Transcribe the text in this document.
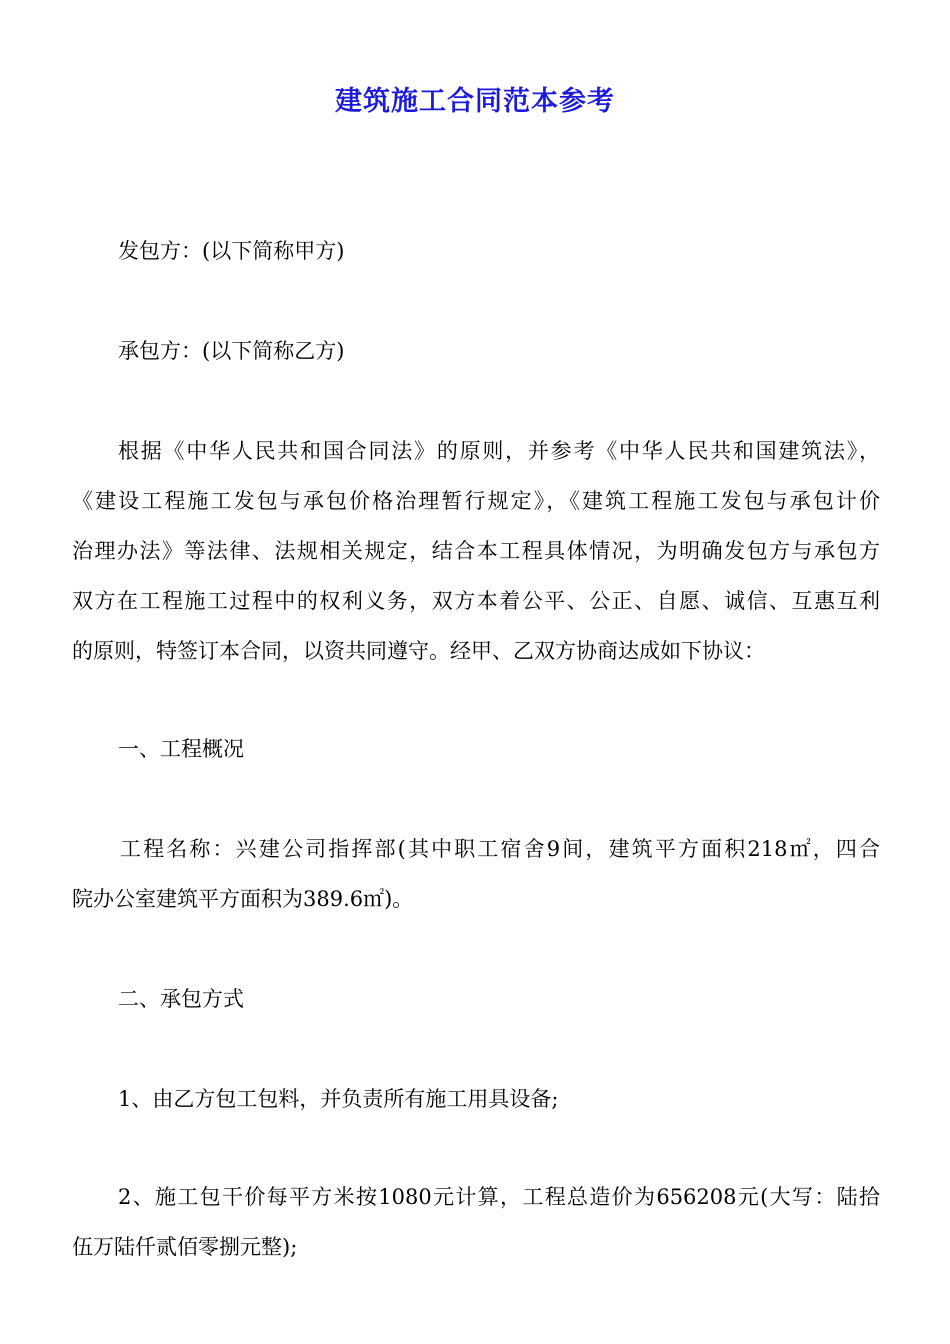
建筑施工合同范本参考
发包方：(以下简称甲方)
承包方：(以下简称乙方)
根据《中华人民共和国合同法》的原则，并参考《中华人民共和国建筑法》，
《建设工程施工发包与承包价格治理暂行规定》，《建筑工程施工发包与承包计价
治理办法》等法律、法规相关规定，结合本工程具体情况，为明确发包方与承包方
双方在工程施工过程中的权利义务，双方本着公平、公正、自愿、诚信、互惠互利
的原则，特签订本合同，以资共同遵守。经甲、乙双方协商达成如下协议：
一、工程概况
工程名称：兴建公司指挥部(其中职工宿舍9间，建筑平方面积218㎡，四合
院办公室建筑平方面积为389.6㎡)。
二、承包方式
1、由乙方包工包料，并负责所有施工用具设备;
2、施工包干价每平方米按1080元计算，工程总造价为656208元(大写：陆拾
伍万陆仟贰佰零捌元整);
